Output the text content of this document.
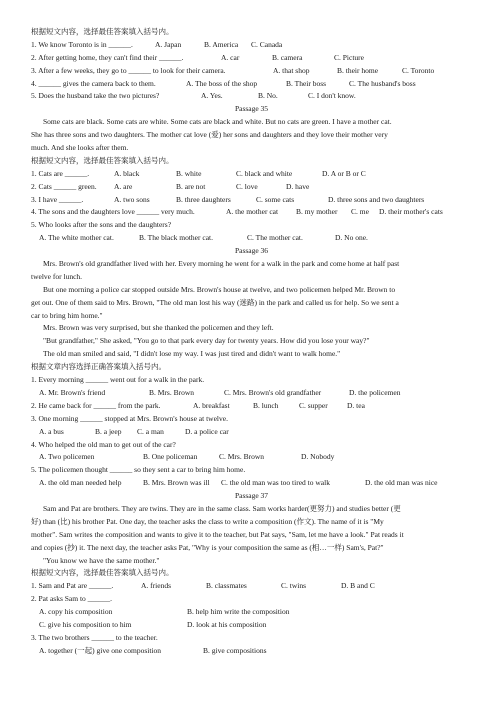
根据短文内容，选择最佳答案填入括号内。
1. We know Toronto is in ______.	A. Japan	B. America	C. Canada
2. After getting home, they can't find their ______.	A. car	B. camera	C. Picture
3. After a few weeks, they go to ______ to look for their camera.	A. that shop	B. their home	C. Toronto
4. ______ gives the camera back to them.	A. The boss of the shop	B. Their boss	C. The husband's boss
5. Does the husband take the two pictures?	A. Yes.	B. No.	C. I don't know.
Passage 35
Some cats are black. Some cats are white. Some cats are black and white. But no cats are green. I have a mother cat.
She has three sons and two daughters. The mother cat love (爱) her sons and daughters and they love their mother very
much. And she looks after them.
根据短文内容，选择最佳答案填入括号内。
1. Cats are ______.	A. black	B. white	C. black and white	D. A or B or C
2. Cats ______ green.	A. are	B. are not	C. love	D. have
3. I have ______.	A. two sons	B. three daughters	C. some cats	D. three sons and two daughters
4. The sons and the daughters love ______ very much.	A. the mother cat	B. my mother	C. me	D. their mother's cats
5. Who looks after the sons and the daughters?
A. The white mother cat.	B. The black mother cat.	C. The mother cat.	D. No one.
Passage 36
Mrs. Brown's old grandfather lived with her. Every morning he went for a walk in the park and come home at half past
twelve for lunch.
But one morning a police car stopped outside Mrs. Brown's house at twelve, and two policemen helped Mr. Brown to
get out. One of them said to Mrs. Brown, "The old man lost his way (迷路) in the park and called us for help. So we sent a
car to bring him home."
Mrs. Brown was very surprised, but she thanked the policemen and they left.
"But grandfather," She asked, "You go to that park every day for twenty years. How did you lose your way?"
The old man smiled and said, "I didn't lose my way. I was just tired and didn't want to walk home."
根据文章内容选择正确答案填入括号内。
1. Every morning ______ went out for a walk in the park.
A. Mr. Brown's friend	B. Mrs. Brown	C. Mrs. Brown's old grandfather	D. the policemen
2. He came back for ______ from the park.	A. breakfast	B. lunch	C. supper	D. tea
3. One morning ______ stopped at Mrs. Brown's house at twelve.
A. a bus	B. a jeep	C. a man	D. a police car
4. Who helped the old man to get out of the car?
A. Two policemen	B. One policeman	C. Mrs. Brown	D. Nobody
5. The policemen thought ______ so they sent a car to bring him home.
A. the old man needed help	B. Mrs. Brown was ill	C. the old man was too tired to walk	D. the old man was nice
Passage 37
Sam and Pat are brothers. They are twins. They are in the same class. Sam works harder(更努力) and studies better (更
好) than (比) his brother Pat. One day, the teacher asks the class to write a composition (作文). The name of it is "My
mother". Sam writes the composition and wants to give it to the teacher, but Pat says, "Sam, let me have a look." Pat reads it
and copies (抄) it. The next day, the teacher asks Pat, "Why is your composition the same as (相…一样) Sam's, Pat?"
"You know we have the same mother."
根据短文内容，选择最佳答案填入括号内。
1. Sam and Pat are ______.	A. friends	B. classmates	C. twins	D. B and C
2. Pat asks Sam to ______.
A. copy his composition	B. help him write the composition
C. give his composition to him	D. look at his composition
3. The two brothers ______ to the teacher.
A. together (一起) give one composition	B. give compositions
